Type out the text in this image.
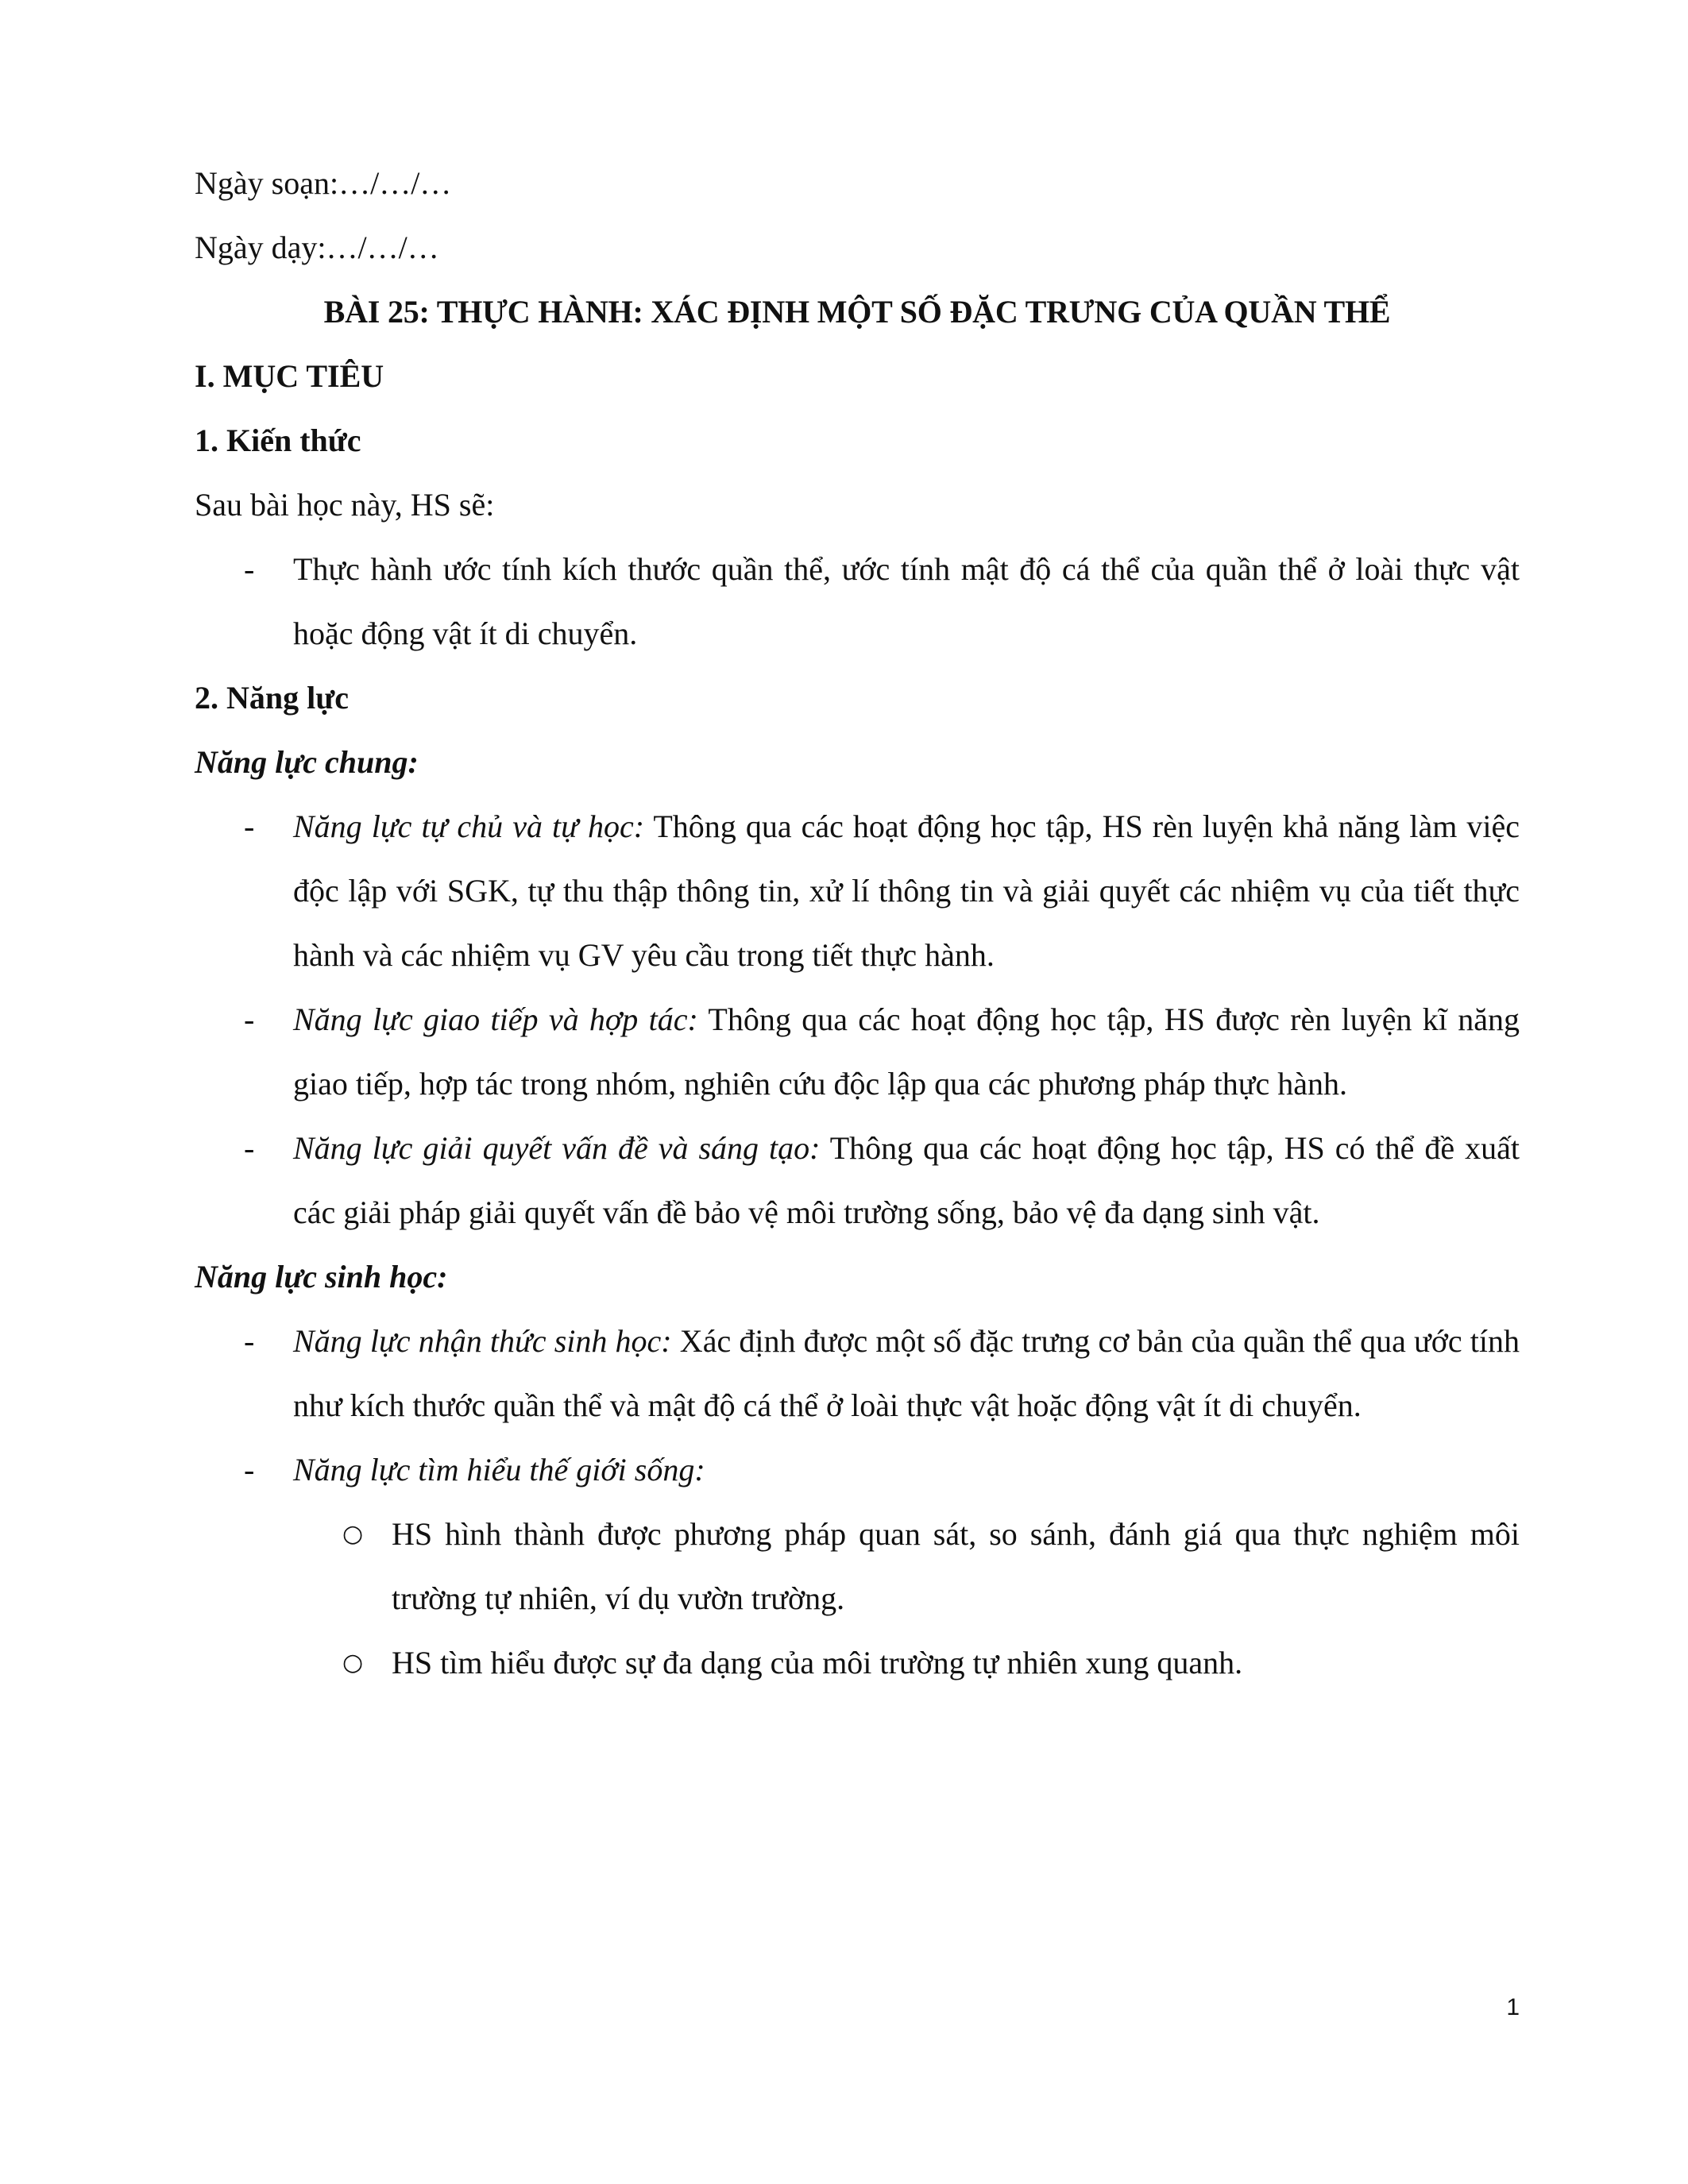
Ngày soạn:…/…/…

Ngày dạy:…/…/…

BÀI 25: THỰC HÀNH: XÁC ĐỊNH MỘT SỐ ĐẶC TRƯNG CỦA QUẦN THỂ

I. MỤC TIÊU

1. Kiến thức

Sau bài học này, HS sẽ:

- Thực hành ước tính kích thước quần thể, ước tính mật độ cá thể của quần thể ở loài thực vật hoặc động vật ít di chuyển.

2. Năng lực

Năng lực chung:

- Năng lực tự chủ và tự học: Thông qua các hoạt động học tập, HS rèn luyện khả năng làm việc độc lập với SGK, tự thu thập thông tin, xử lí thông tin và giải quyết các nhiệm vụ của tiết thực hành và các nhiệm vụ GV yêu cầu trong tiết thực hành.
- Năng lực giao tiếp và hợp tác: Thông qua các hoạt động học tập, HS được rèn luyện kĩ năng giao tiếp, hợp tác trong nhóm, nghiên cứu độc lập qua các phương pháp thực hành.
- Năng lực giải quyết vấn đề và sáng tạo: Thông qua các hoạt động học tập, HS có thể đề xuất các giải pháp giải quyết vấn đề bảo vệ môi trường sống, bảo vệ đa dạng sinh vật.

Năng lực sinh học:

- Năng lực nhận thức sinh học: Xác định được một số đặc trưng cơ bản của quần thể qua ước tính như kích thước quần thể và mật độ cá thể ở loài thực vật hoặc động vật ít di chuyển.
- Năng lực tìm hiểu thế giới sống:
○ HS hình thành được phương pháp quan sát, so sánh, đánh giá qua thực nghiệm môi trường tự nhiên, ví dụ vườn trường.
○ HS tìm hiểu được sự đa dạng của môi trường tự nhiên xung quanh.
1
